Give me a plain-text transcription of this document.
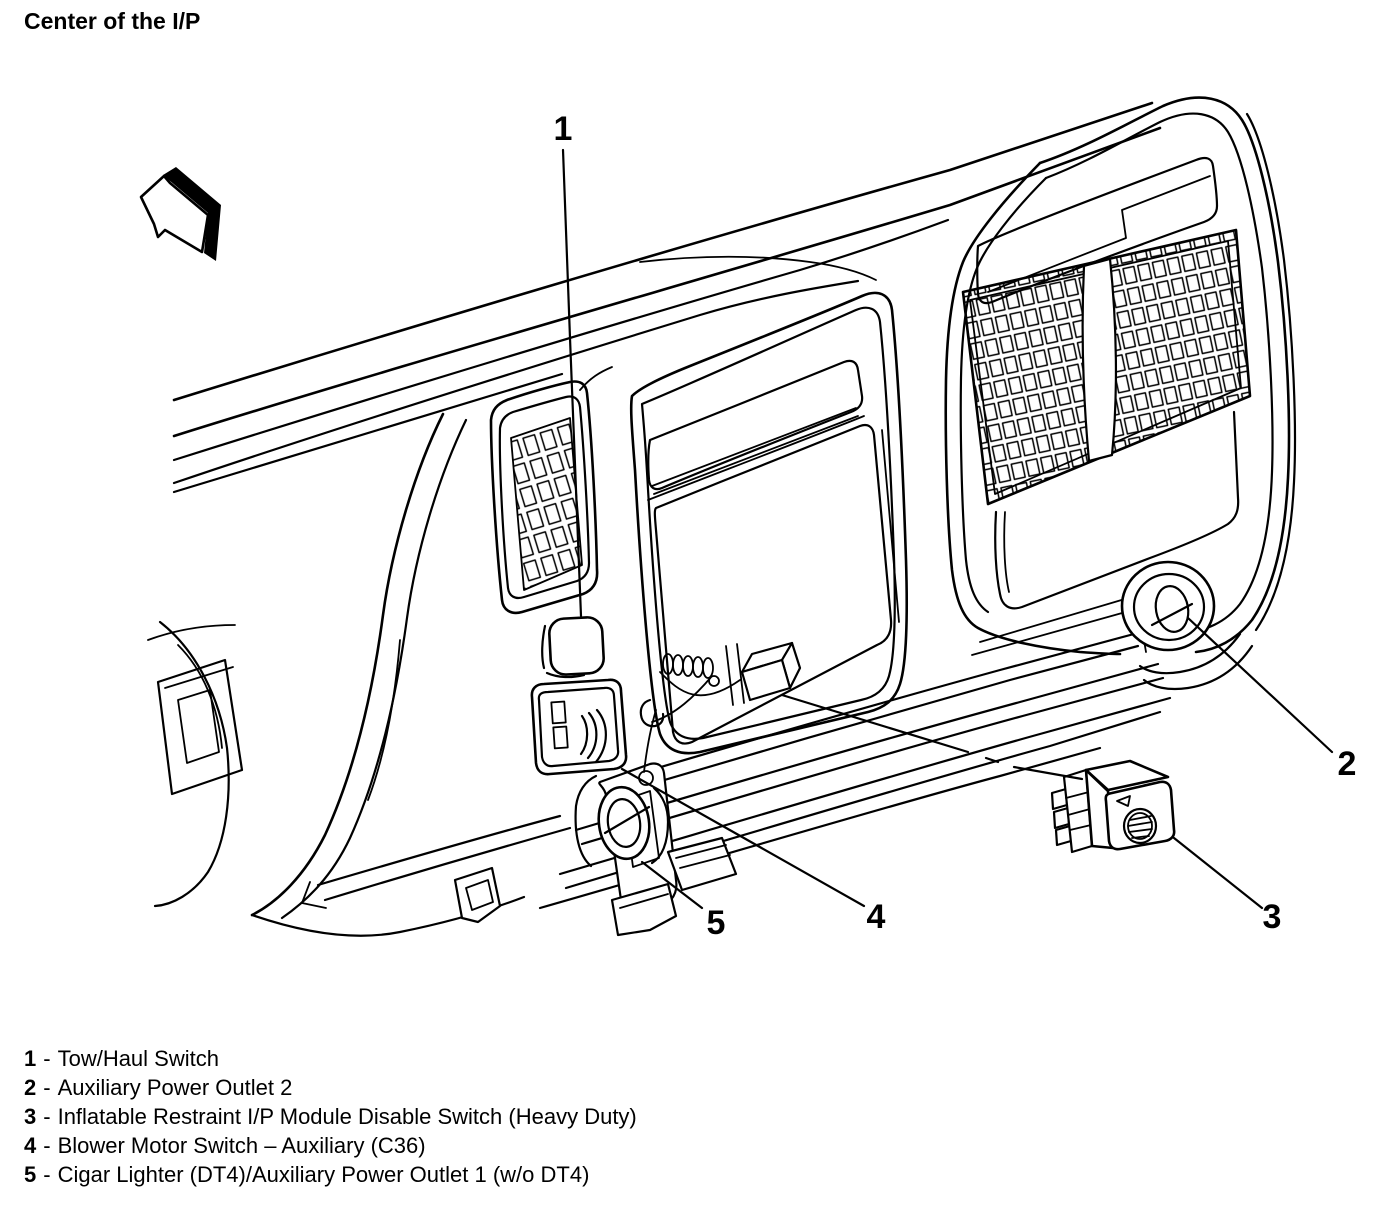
Center of the I/P
1
2
3
4
5
1 - Tow/Haul Switch
2 - Auxiliary Power Outlet 2
3 - Inflatable Restraint I/P Module Disable Switch (Heavy Duty)
4 - Blower Motor Switch – Auxiliary (C36)
5 - Cigar Lighter (DT4)/Auxiliary Power Outlet 1 (w/o DT4)
